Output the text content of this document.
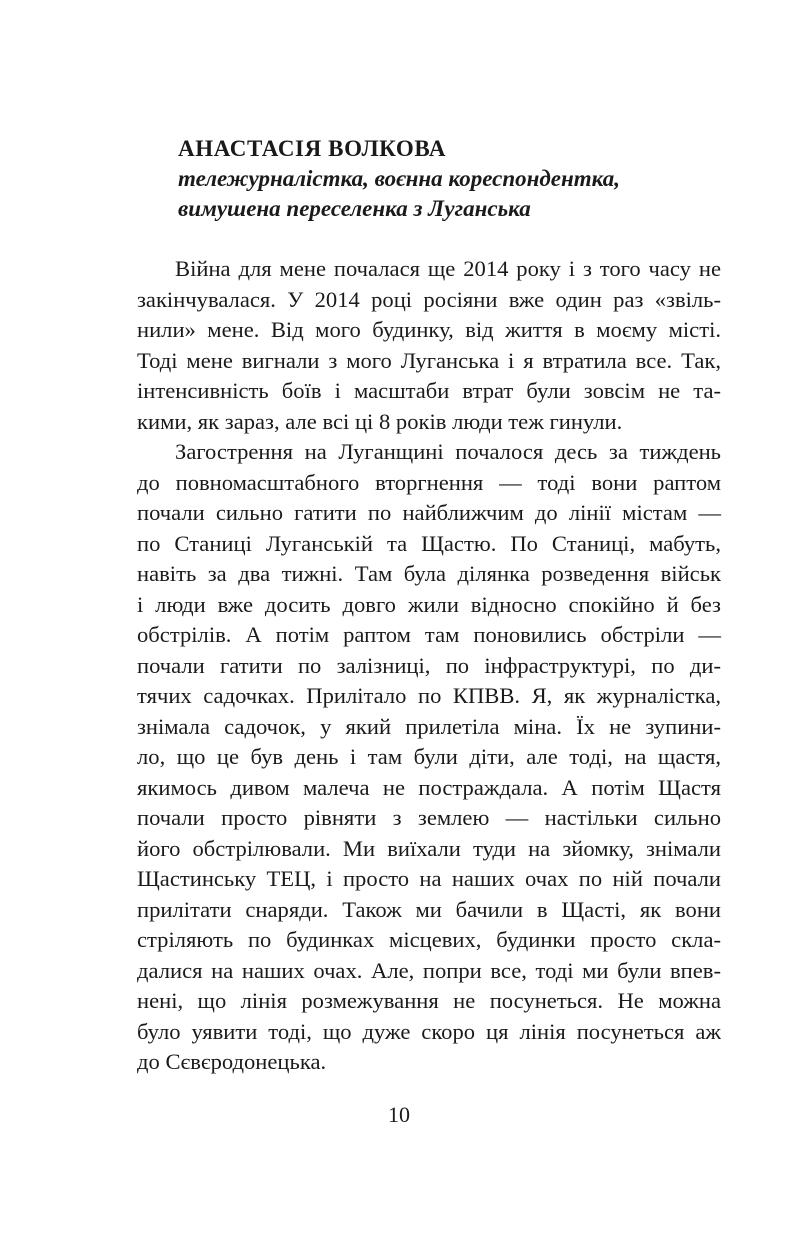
АНАСТАСІЯ ВОЛКОВА

тележурналістка, воєнна кореспондентка,

вимушена переселенка з Луганська

Війна для мене почалася ще 2014 року і з того часу не
закінчувалася. У 2014 році росіяни вже один раз «звіль-
нили» мене. Від мого будинку, від життя в моєму місті.
Тоді мене вигнали з мого Луганська і я втратила все. Так,
інтенсивність боїв і масштаби втрат були зовсім не та-
кими, як зараз, але всі ці 8 років люди теж гинули.
Загострення на Луганщині почалося десь за тиждень
до повномасштабного вторгнення — тоді вони раптом
почали сильно гатити по найближчим до лінії містам —
по Станиці Луганській та Щастю. По Станиці, мабуть,
навіть за два тижні. Там була ділянка розведення військ
і люди вже досить довго жили відносно спокійно й без
обстрілів. А потім раптом там поновились обстріли —
почали гатити по залізниці, по інфраструктурі, по ди-
тячих садочках. Прилітало по КПВВ. Я, як журналістка,
знімала садочок, у який прилетіла міна. Їх не зупини-
ло, що це був день і там були діти, але тоді, на щастя,
якимось дивом малеча не постраждала. А потім Щастя
почали просто рівняти з землею — настільки сильно
його обстрілювали. Ми виїхали туди на зйомку, знімали
Щастинську ТЕЦ, і просто на наших очах по ній почали
прилітати снаряди. Також ми бачили в Щасті, як вони
стріляють по будинках місцевих, будинки просто скла-
далися на наших очах. Але, попри все, тоді ми були впев-
нені, що лінія розмежування не посунеться. Не можна
було уявити тоді, що дуже скоро ця лінія посунеться аж
до Сєвєродонецька.
10
